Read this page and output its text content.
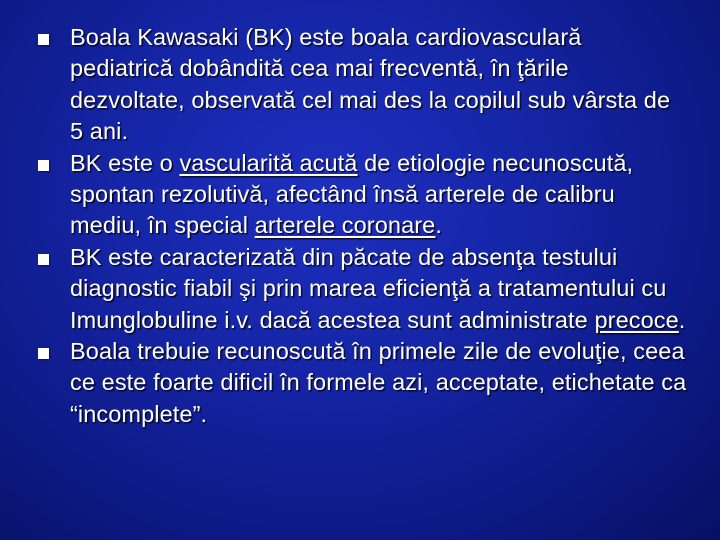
Boala Kawasaki (BK) este boala cardiovasculară pediatrică dobândită cea mai frecventă, în ţările dezvoltate, observată cel mai des la copilul sub vârsta de 5 ani.
BK este o vascularită acută de etiologie necunoscută, spontan rezolutivă, afectând însă arterele de calibru mediu, în special arterele coronare.
BK este caracterizată din păcate de absenţa testului diagnostic fiabil şi prin marea eficienţă a tratamentului cu Imunglobuline i.v. dacă acestea sunt administrate precoce.
Boala trebuie recunoscută în primele zile de evoluţie, ceea ce este foarte dificil în formele azi, acceptate, etichetate ca “incomplete”.
